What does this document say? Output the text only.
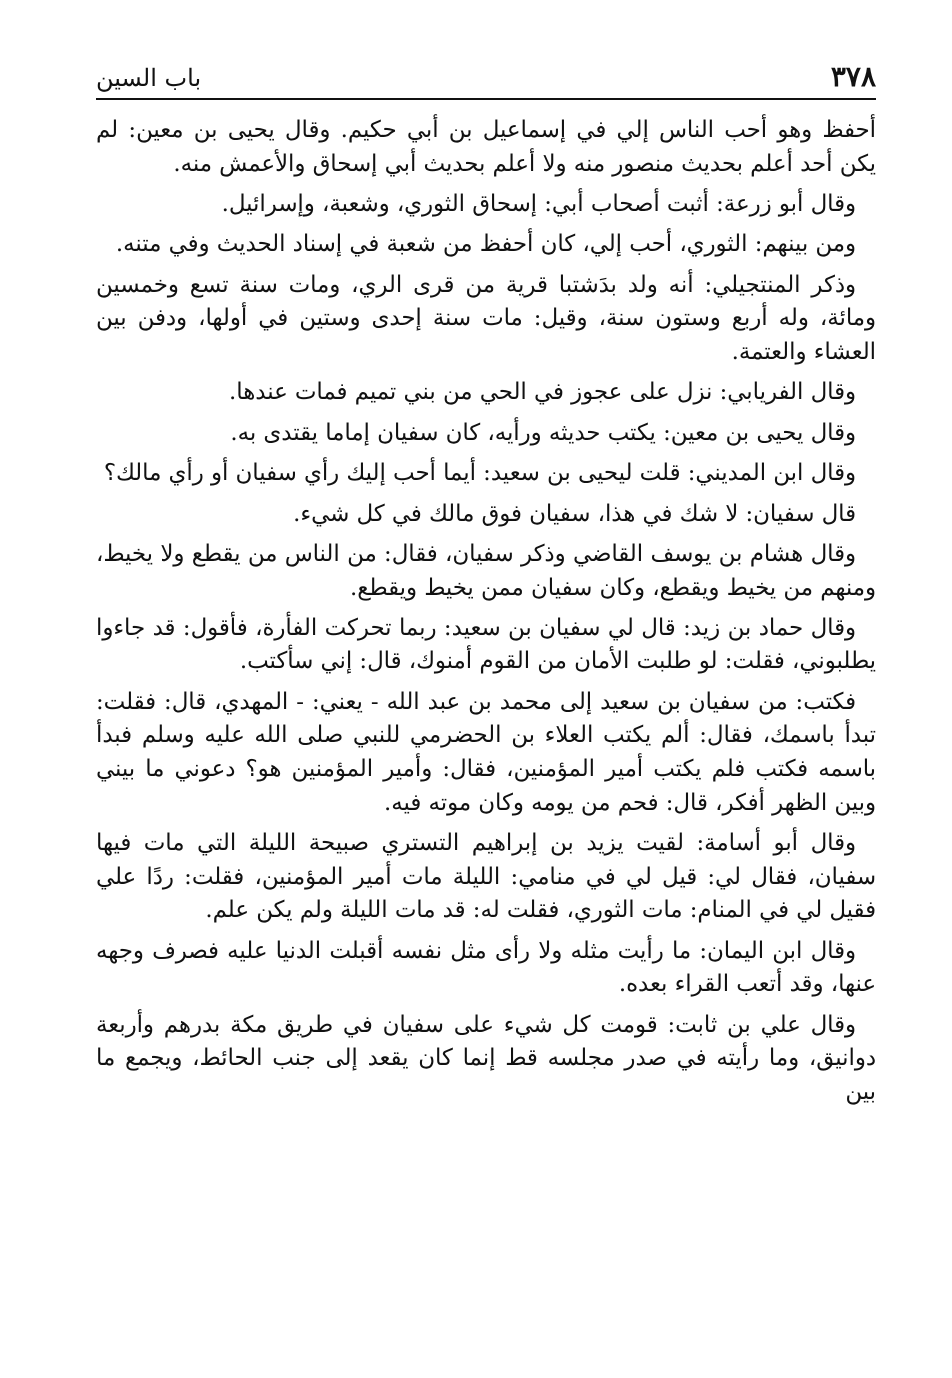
٣٧٨
باب السين

أحفظ وهو أحب الناس إلي في إسماعيل بن أبي حكيم. وقال يحيى بن معين: لم يكن أحد أعلم بحديث منصور منه ولا أعلم بحديث أبي إسحاق والأعمش منه.

وقال أبو زرعة: أثبت أصحاب أبي: إسحاق الثوري، وشعبة، وإسرائيل.

ومن بينهم: الثوري، أحب إلي، كان أحفظ من شعبة في إسناد الحديث وفي متنه.

وذكر المنتجيلي: أنه ولد بدَشتبا قرية من قرى الري، ومات سنة تسع وخمسين ومائة، وله أربع وستون سنة، وقيل: مات سنة إحدى وستين في أولها، ودفن بين العشاء والعتمة.

وقال الفريابي: نزل على عجوز في الحي من بني تميم فمات عندها.

وقال يحيى بن معين: يكتب حديثه ورأيه، كان سفيان إماما يقتدى به.

وقال ابن المديني: قلت ليحيى بن سعيد: أيما أحب إليك رأي سفيان أو رأي مالك؟

قال سفيان: لا شك في هذا، سفيان فوق مالك في كل شيء.

وقال هشام بن يوسف القاضي وذكر سفيان، فقال: من الناس من يقطع ولا يخيط، ومنهم من يخيط ويقطع، وكان سفيان ممن يخيط ويقطع.

وقال حماد بن زيد: قال لي سفيان بن سعيد: ربما تحركت الفأرة، فأقول: قد جاءوا يطلبوني، فقلت: لو طلبت الأمان من القوم أمنوك، قال: إني سأكتب.

فكتب: من سفيان بن سعيد إلى محمد بن عبد الله - يعني: - المهدي، قال: فقلت: تبدأ باسمك، فقال: ألم يكتب العلاء بن الحضرمي للنبي صلى الله عليه وسلم فبدأ باسمه فكتب فلم يكتب أمير المؤمنين، فقال: وأمير المؤمنين هو؟ دعوني ما بيني وبين الظهر أفكر، قال: فحم من يومه وكان موته فيه.

وقال أبو أسامة: لقيت يزيد بن إبراهيم التستري صبيحة الليلة التي مات فيها سفيان، فقال لي: قيل لي في منامي: الليلة مات أمير المؤمنين، فقلت: ردًا علي فقيل لي في المنام: مات الثوري، فقلت له: قد مات الليلة ولم يكن علم.

وقال ابن اليمان: ما رأيت مثله ولا رأى مثل نفسه أقبلت الدنيا عليه فصرف وجهه عنها، وقد أتعب القراء بعده.

وقال علي بن ثابت: قومت كل شيء على سفيان في طريق مكة بدرهم وأربعة دوانيق، وما رأيته في صدر مجلسه قط إنما كان يقعد إلى جنب الحائط، ويجمع ما بين
